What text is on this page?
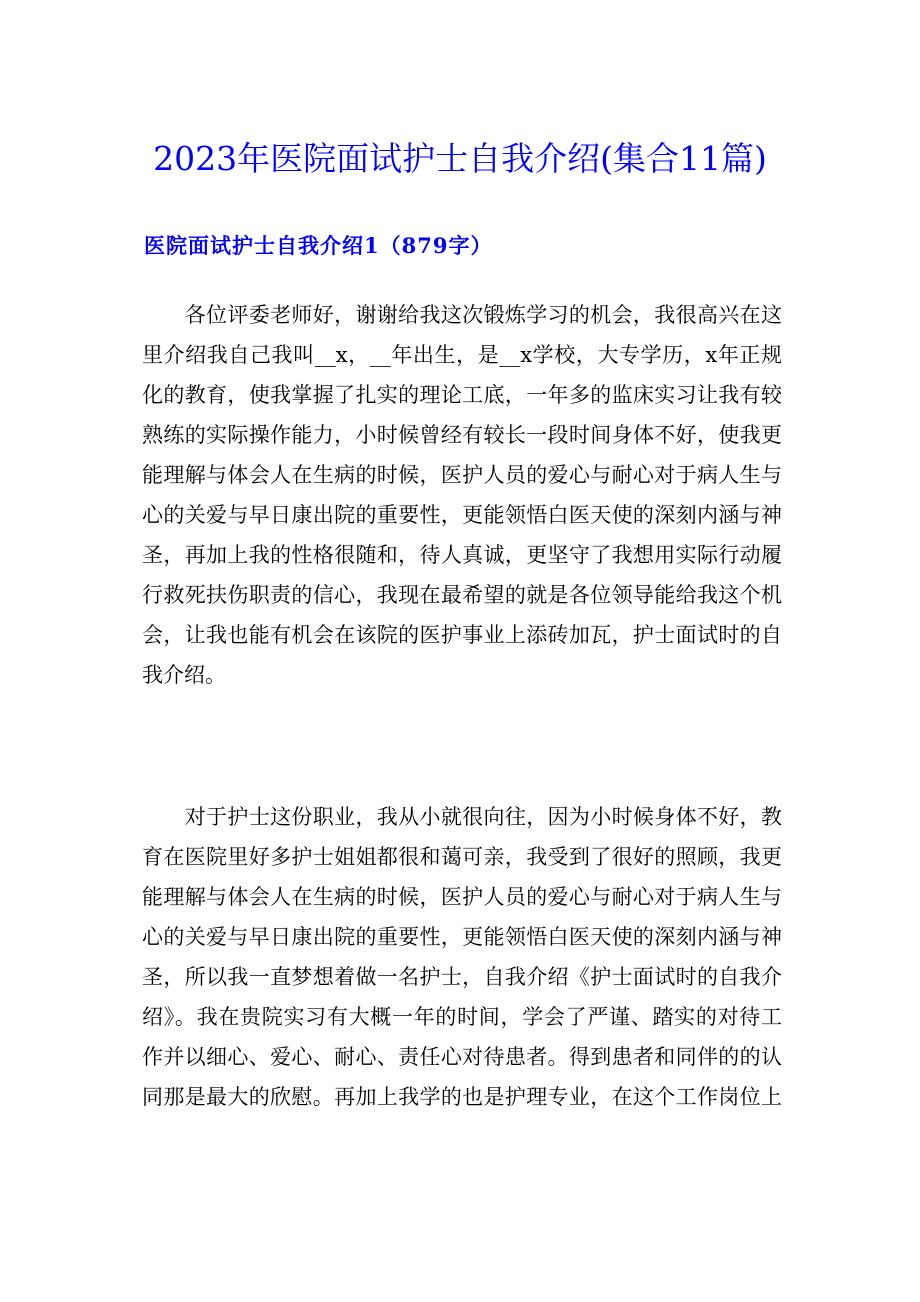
2023年医院面试护士自我介绍(集合11篇)
医院面试护士自我介绍1（879字）
　　各位评委老师好，谢谢给我这次锻炼学习的机会，我很高兴在这
里介绍我自己我叫__x，__年出生，是__x学校，大专学历，x年正规
化的教育，使我掌握了扎实的理论工底，一年多的监床实习让我有较
熟练的实际操作能力，小时候曾经有较长一段时间身体不好，使我更
能理解与体会人在生病的时候，医护人员的爱心与耐心对于病人生与
心的关爱与早日康出院的重要性，更能领悟白医天使的深刻内涵与神
圣，再加上我的性格很随和，待人真诚，更坚守了我想用实际行动履
行救死扶伤职责的信心，我现在最希望的就是各位领导能给我这个机
会，让我也能有机会在该院的医护事业上添砖加瓦，护士面试时的自
我介绍。
　　对于护士这份职业，我从小就很向往，因为小时候身体不好，教
育在医院里好多护士姐姐都很和蔼可亲，我受到了很好的照顾，我更
能理解与体会人在生病的时候，医护人员的爱心与耐心对于病人生与
心的关爱与早日康出院的重要性，更能领悟白医天使的深刻内涵与神
圣，所以我一直梦想着做一名护士，自我介绍《护士面试时的自我介
绍》。我在贵院实习有大概一年的时间，学会了严谨、踏实的对待工
作并以细心、爱心、耐心、责任心对待患者。得到患者和同伴的的认
同那是最大的欣慰。再加上我学的也是护理专业，在这个工作岗位上
